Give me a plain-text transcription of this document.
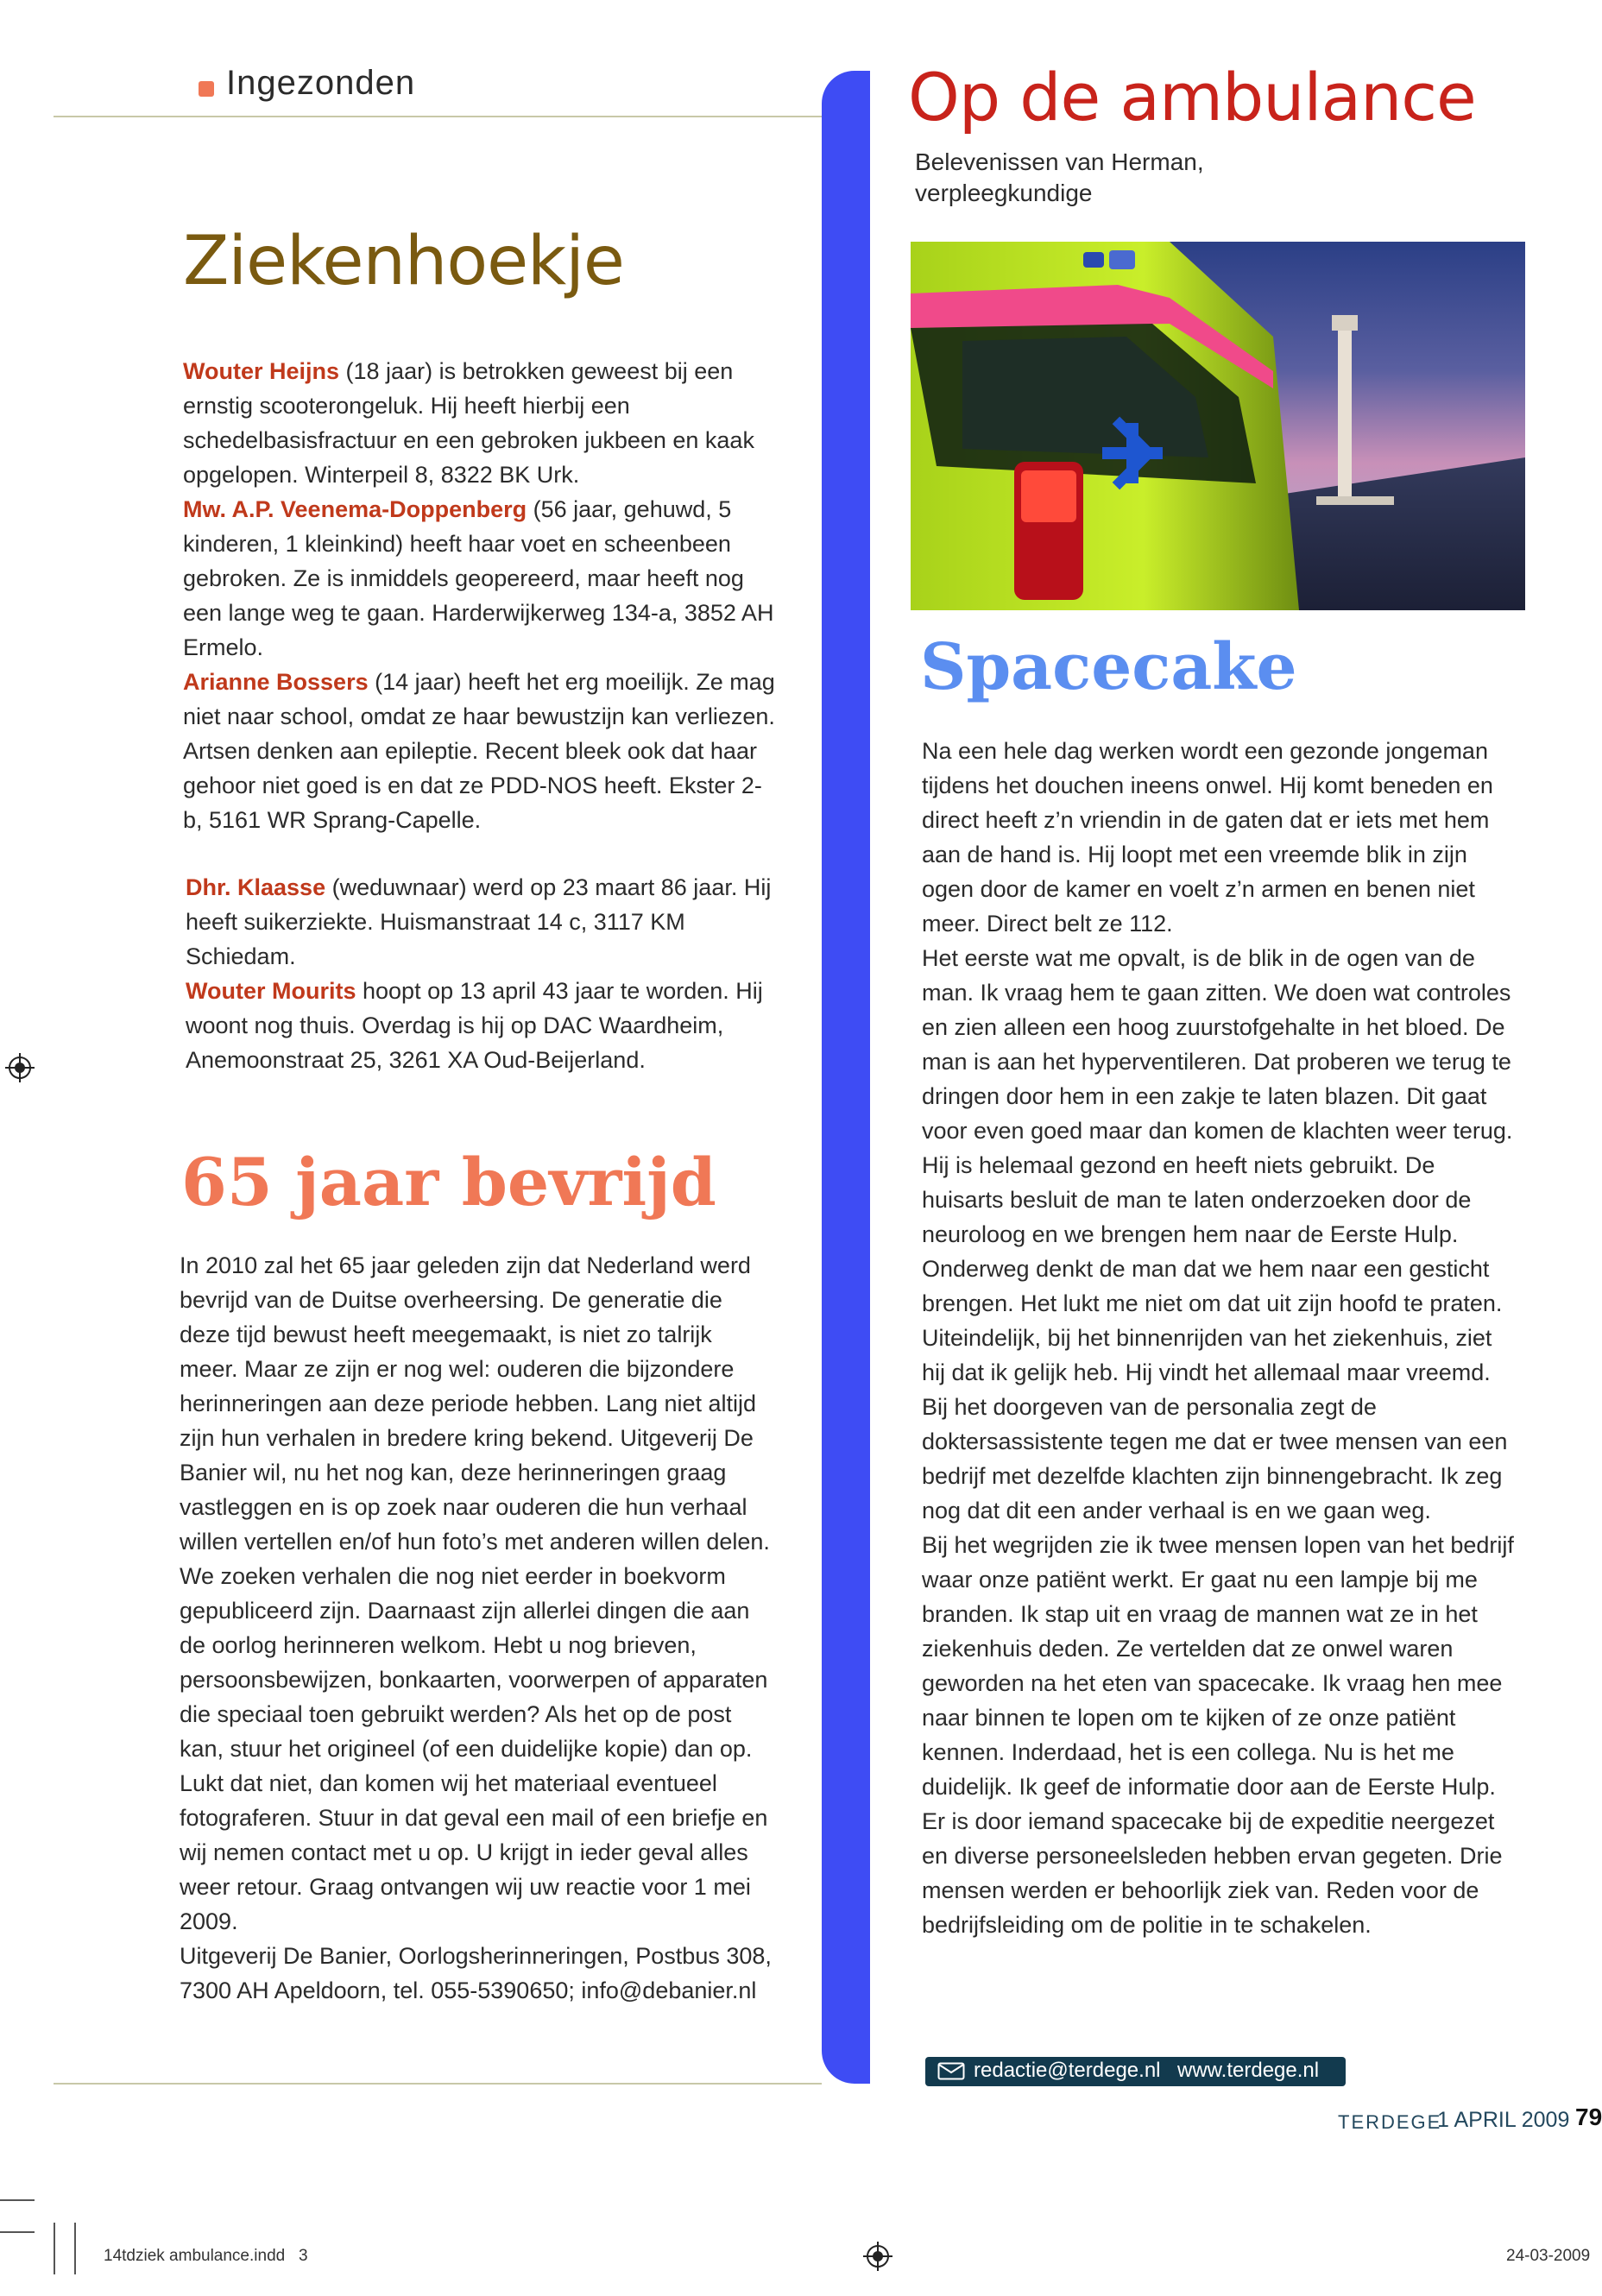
Ingezonden
Ziekenhoekje

Wouter Heijns (18 jaar) is betrokken geweest bij een ernstig scooterongeluk. Hij heeft hierbij een schedelbasisfractuur en een gebroken jukbeen en kaak opgelopen. Winterpeil 8, 8322 BK Urk.

Mw. A.P. Veenema-Doppenberg (56 jaar, gehuwd, 5 kinderen, 1 kleinkind) heeft haar voet en scheenbeen gebroken. Ze is inmiddels geopereerd, maar heeft nog een lange weg te gaan. Harderwijkerweg 134-a, 3852 AH Ermelo.

Arianne Bossers (14 jaar) heeft het erg moeilijk. Ze mag niet naar school, omdat ze haar bewustzijn kan verliezen. Artsen denken aan epileptie. Recent bleek ook dat haar gehoor niet goed is en dat ze PDD-NOS heeft. Ekster 2-b, 5161 WR Sprang-Capelle.

Dhr. Klaasse (weduwnaar) werd op 23 maart 86 jaar. Hij heeft suikerziekte. Huismanstraat 14 c, 3117 KM Schiedam.

Wouter Mourits hoopt op 13 april 43 jaar te worden. Hij woont nog thuis. Overdag is hij op DAC Waardheim, Anemoonstraat 25, 3261 XA Oud-Beijerland.

65 jaar bevrijd

In 2010 zal het 65 jaar geleden zijn dat Nederland werd bevrijd van de Duitse overheersing. De generatie die deze tijd bewust heeft meegemaakt, is niet zo talrijk meer. Maar ze zijn er nog wel: ouderen die bijzondere herinneringen aan deze periode hebben. Lang niet altijd zijn hun verhalen in bredere kring bekend. Uitgeverij De Banier wil, nu het nog kan, deze herinneringen graag vastleggen en is op zoek naar ouderen die hun verhaal willen vertellen en/of hun foto’s met anderen willen delen. We zoeken verhalen die nog niet eerder in boekvorm gepubliceerd zijn. Daarnaast zijn allerlei dingen die aan de oorlog herinneren welkom. Hebt u nog brieven, persoonsbewijzen, bonkaarten, voorwerpen of apparaten die speciaal toen gebruikt werden? Als het op de post kan, stuur het origineel (of een duidelijke kopie) dan op. Lukt dat niet, dan komen wij het materiaal eventueel fotograferen. Stuur in dat geval een mail of een briefje en wij nemen contact met u op. U krijgt in ieder geval alles weer retour. Graag ontvangen wij uw reactie voor 1 mei 2009.

Uitgeverij De Banier, Oorlogsherinneringen, Postbus 308, 7300 AH Apeldoorn, tel. 055-5390650; info@debanier.nl

Op de ambulance
Belevenissen van Herman,
verpleegkundige
Spacecake

Na een hele dag werken wordt een gezonde jongeman tijdens het douchen ineens onwel. Hij komt beneden en direct heeft z’n vriendin in de gaten dat er iets met hem aan de hand is. Hij loopt met een vreemde blik in zijn ogen door de kamer en voelt z’n armen en benen niet meer. Direct belt ze 112.

Het eerste wat me opvalt, is de blik in de ogen van de man. Ik vraag hem te gaan zitten. We doen wat controles en zien alleen een hoog zuurstofgehalte in het bloed. De man is aan het hyperventileren. Dat proberen we terug te dringen door hem in een zakje te laten blazen. Dit gaat voor even goed maar dan komen de klachten weer terug. Hij is helemaal gezond en heeft niets gebruikt. De huisarts besluit de man te laten onderzoeken door de neuroloog en we brengen hem naar de Eerste Hulp.

Onderweg denkt de man dat we hem naar een gesticht brengen. Het lukt me niet om dat uit zijn hoofd te praten. Uiteindelijk, bij het binnenrijden van het ziekenhuis, ziet hij dat ik gelijk heb. Hij vindt het allemaal maar vreemd. Bij het doorgeven van de personalia zegt de doktersassistente tegen me dat er twee mensen van een bedrijf met dezelfde klachten zijn binnengebracht. Ik zeg nog dat dit een ander verhaal is en we gaan weg.

Bij het wegrijden zie ik twee mensen lopen van het bedrijf waar onze patiënt werkt. Er gaat nu een lampje bij me branden. Ik stap uit en vraag de mannen wat ze in het ziekenhuis deden. Ze vertelden dat ze onwel waren geworden na het eten van spacecake. Ik vraag hen mee naar binnen te lopen om te kijken of ze onze patiënt kennen. Inderdaad, het is een collega. Nu is het me duidelijk. Ik geef de informatie door aan de Eerste Hulp. Er is door iemand spacecake bij de expeditie neergezet en diverse personeelsleden hebben ervan gegeten. Drie mensen werden er behoorlijk ziek van. Reden voor de bedrijfsleiding om de politie in te schakelen.

redactie@terdege.nl www.terdege.nl
TERDEGE
1 APRIL 2009 79
14tdziek ambulance.indd   3	24-03-2009
